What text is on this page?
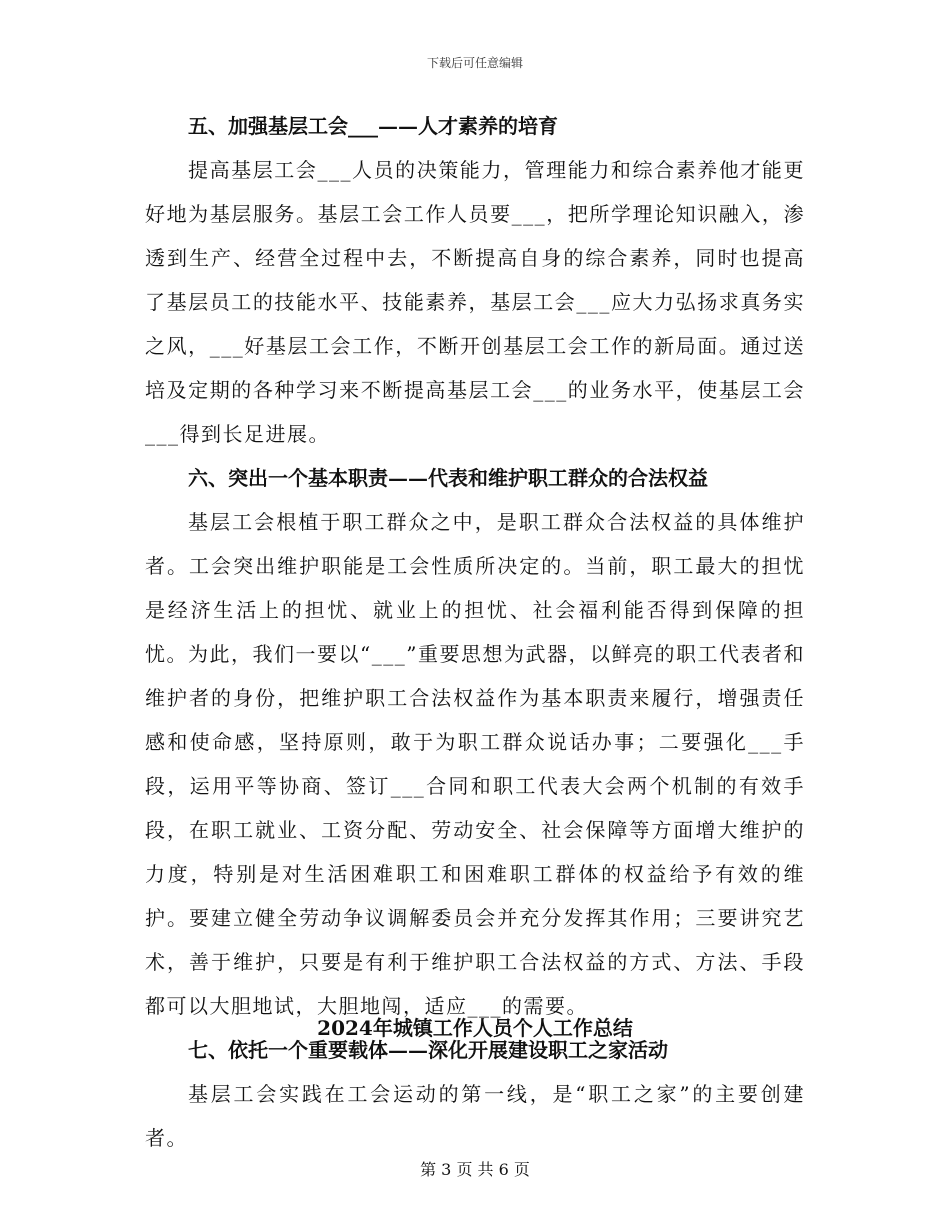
下载后可任意编辑
五、加强基层工会___——人才素养的培育

提高基层工会___人员的决策能力，管理能力和综合素养他才能更好地为基层服务。基层工会工作人员要___，把所学理论知识融入，渗透到生产、经营全过程中去，不断提高自身的综合素养，同时也提高了基层员工的技能水平、技能素养，基层工会___应大力弘扬求真务实之风，___好基层工会工作，不断开创基层工会工作的新局面。通过送培及定期的各种学习来不断提高基层工会___的业务水平，使基层工会___得到长足进展。

六、突出一个基本职责——代表和维护职工群众的合法权益

基层工会根植于职工群众之中，是职工群众合法权益的具体维护者。工会突出维护职能是工会性质所决定的。当前，职工最大的担忧是经济生活上的担忧、就业上的担忧、社会福利能否得到保障的担忧。为此，我们一要以“___”重要思想为武器，以鲜亮的职工代表者和维护者的身份，把维护职工合法权益作为基本职责来履行，增强责任感和使命感，坚持原则，敢于为职工群众说话办事；二要强化___手段，运用平等协商、签订___合同和职工代表大会两个机制的有效手段，在职工就业、工资分配、劳动安全、社会保障等方面增大维护的力度，特别是对生活困难职工和困难职工群体的权益给予有效的维护。要建立健全劳动争议调解委员会并充分发挥其作用；三要讲究艺术，善于维护，只要是有利于维护职工合法权益的方式、方法、手段都可以大胆地试，大胆地闯，适应___的需要。

七、依托一个重要载体——深化开展建设职工之家活动

基层工会实践在工会运动的第一线，是“职工之家”的主要创建者。

2024年城镇工作人员个人工作总结
第 3 页 共 6 页
